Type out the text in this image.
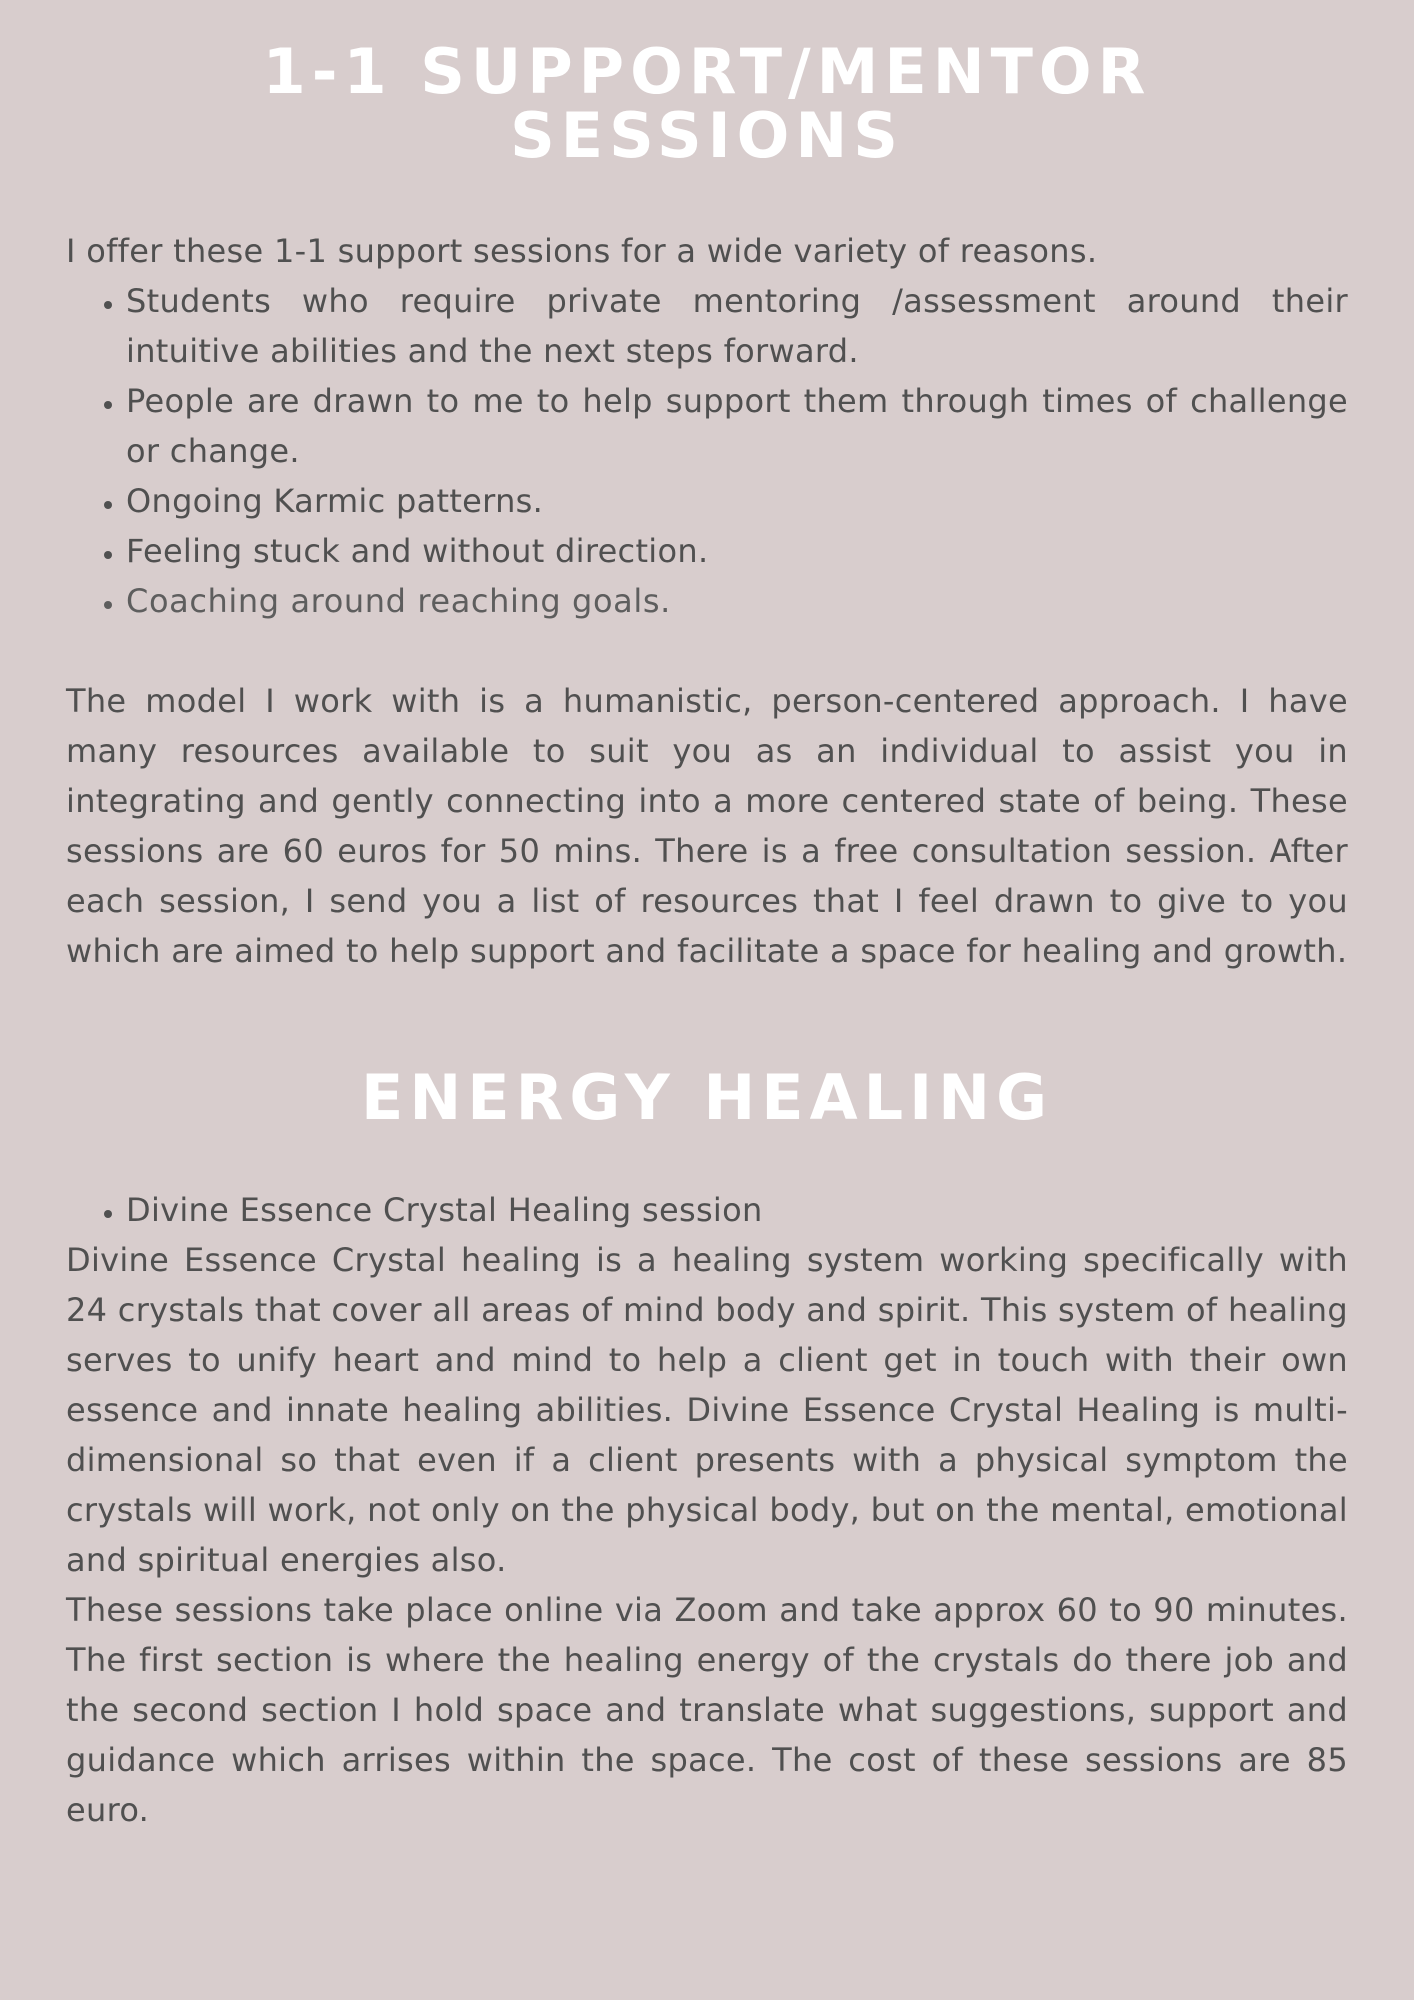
1-1 SUPPORT/MENTOR
SESSIONS

I offer these 1-1 support sessions for a wide variety of reasons.

• Students who require private mentoring /assessment around their intuitive abilities and the next steps forward.
• People are drawn to me to help support them through times of challenge or change.
• Ongoing Karmic patterns.
• Feeling stuck and without direction.
• Coaching around reaching goals.

The model I work with is a humanistic, person-centered approach. I have many resources available to suit you as an individual to assist you in integrating and gently connecting into a more centered state of being. These sessions are 60 euros for 50 mins. There is a free consultation session. After each session, I send you a list of resources that I feel drawn to give to you which are aimed to help support and facilitate a space for healing and growth.

ENERGY HEALING
• Divine Essence Crystal Healing session

Divine Essence Crystal healing is a healing system working specifically with 24 crystals that cover all areas of mind body and spirit. This system of healing serves to unify heart and mind to help a client get in touch with their own essence and innate healing abilities. Divine Essence Crystal Healing is multi-dimensional so that even if a client presents with a physical symptom the crystals will work, not only on the physical body, but on the mental, emotional and spiritual energies also.

These sessions take place online via Zoom and take approx 60 to 90 minutes. The first section is where the healing energy of the crystals do there job and the second section I hold space and translate what suggestions, support and guidance which arrises within the space. The cost of these sessions are 85 euro.
